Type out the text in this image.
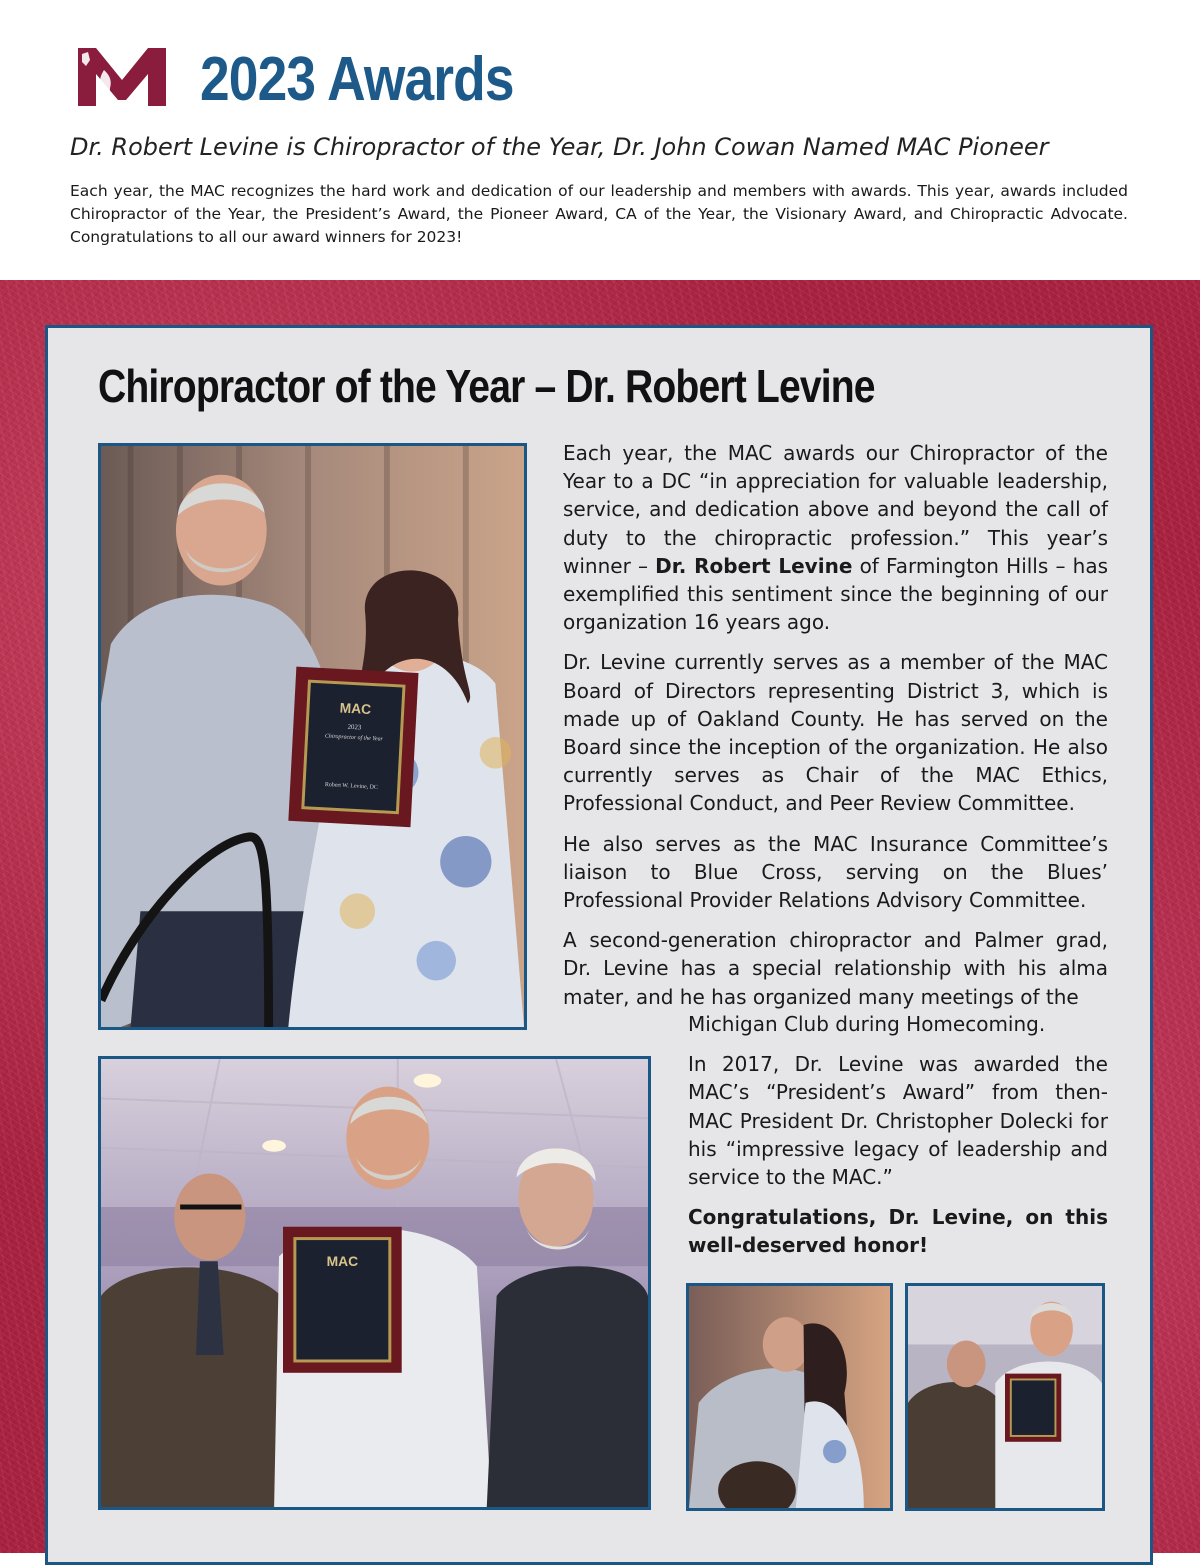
2023 Awards

Dr. Robert Levine is Chiropractor of the Year, Dr. John Cowan Named MAC Pioneer

Each year, the MAC recognizes the hard work and dedication of our leadership and members with awards. This year, awards included Chiropractor of the Year, the President’s Award, the Pioneer Award, CA of the Year, the Visionary Award, and Chiropractic Advocate. Congratulations to all our award winners for 2023!

Chiropractor of the Year – Dr. Robert Levine
MAC
2023
Chiropractor of the Year
Robert W. Levine, DC
MAC

Each year, the MAC awards our Chiropractor of the Year to a DC “in appreciation for valuable leadership, service, and dedication above and beyond the call of duty to the chiropractic profession.” This year’s winner – Dr. Robert Levine of Farmington Hills – has exemplified this sentiment since the beginning of our organization 16 years ago.

Dr. Levine currently serves as a member of the MAC Board of Directors representing District 3, which is made up of Oakland County. He has served on the Board since the inception of the organization. He also currently serves as Chair of the MAC Ethics, Professional Conduct, and Peer Review Committee.

He also serves as the MAC Insurance Committee’s liaison to Blue Cross, serving on the Blues’ Professional Provider Relations Advisory Committee.

A second-generation chiropractor and Palmer grad, Dr. Levine has a special relationship with his alma mater, and he has organized many meetings of the

Michigan Club during Homecoming.

In 2017, Dr. Levine was awarded the MAC’s “President’s Award” from then-MAC President Dr. Christopher Dolecki for his “impressive legacy of leadership and service to the MAC.”

Congratulations, Dr. Levine, on this well-deserved honor!
